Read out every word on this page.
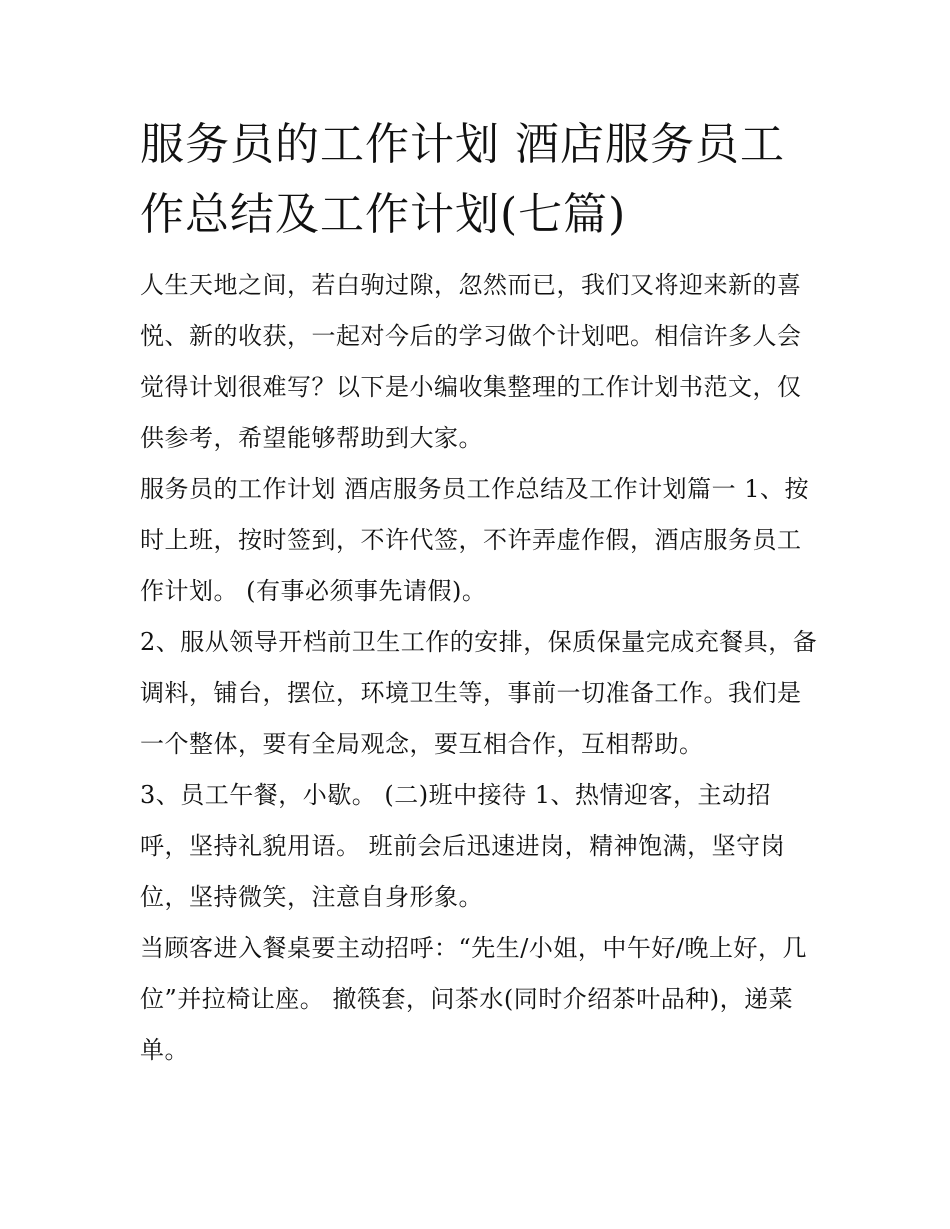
服务员的工作计划 酒店服务员工作总结及工作计划(七篇)

人生天地之间，若白驹过隙，忽然而已，我们又将迎来新的喜悦、新的收获，一起对今后的学习做个计划吧。相信许多人会觉得计划很难写？以下是小编收集整理的工作计划书范文，仅供参考，希望能够帮助到大家。

服务员的工作计划 酒店服务员工作总结及工作计划篇一 1、按时上班，按时签到，不许代签，不许弄虚作假，酒店服务员工作计划。 (有事必须事先请假)。

2、服从领导开档前卫生工作的安排，保质保量完成充餐具，备调料，铺台，摆位，环境卫生等，事前一切准备工作。我们是一个整体，要有全局观念，要互相合作，互相帮助。

3、员工午餐，小歇。 (二)班中接待 1、热情迎客，主动招呼，坚持礼貌用语。 班前会后迅速进岗，精神饱满，坚守岗位，坚持微笑，注意自身形象。

当顾客进入餐桌要主动招呼：“先生/小姐，中午好/晚上好，几位”并拉椅让座。 撤筷套，问茶水(同时介绍茶叶品种)，递菜单。
